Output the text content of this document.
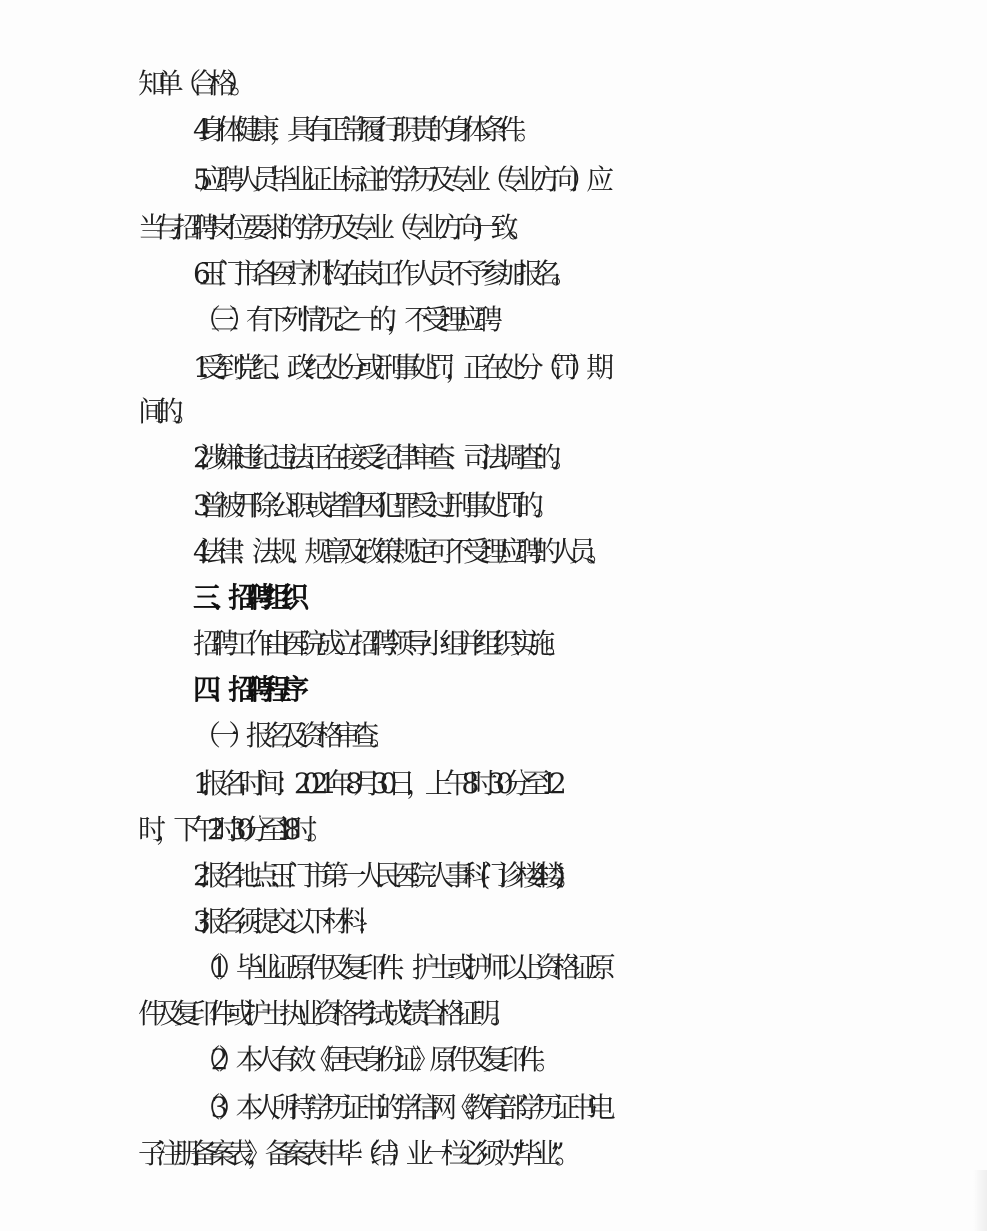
知单（合格）。

4.身体健康，具有正常履行职责的身体条件。

5.应聘人员毕业证上标注的学历及专业（专业方向）应

当与招聘岗位要求的学历及专业（专业方向)一致。

6.玉门市各医疗机构在岗工作人员不予参加报名。

（三）有下列情况之一的，不受理应聘

1.受到党纪、政纪处分或刑事处罚，正在处分（罚）期

间的。

2.涉嫌违纪违法正在接受纪律审查、司法调查的。

3.曾被开除公职或者曾因犯罪受过刑事处罚的。

4.法律、法规、规章及政策规定可不受理应聘的人员。

三、招聘组织

招聘工作由医院成立招聘领导小组并组织实施。

四、招聘程序

（一）报名及资格审查。

1.报名时间：2021 年 8 月 30 日，上午 8 时 30 分至 12

时，下午 2 时 30 分至 18 时。

2.报名地点:玉门市第一人民医院人事科(门诊楼 4 楼)。

3.报名须提交以下材料:

（1）毕业证原件及复印件、护士或护师以上资格证原

件及复印件或护士执业资格考试成绩合格证明。

（2）本人有效《居民身份证》原件及复印件。

（3）本人所持学历证书的学信网《教育部学历证书电

子注册备案表》，备案表中毕（结）业一栏必须为“毕业”。
